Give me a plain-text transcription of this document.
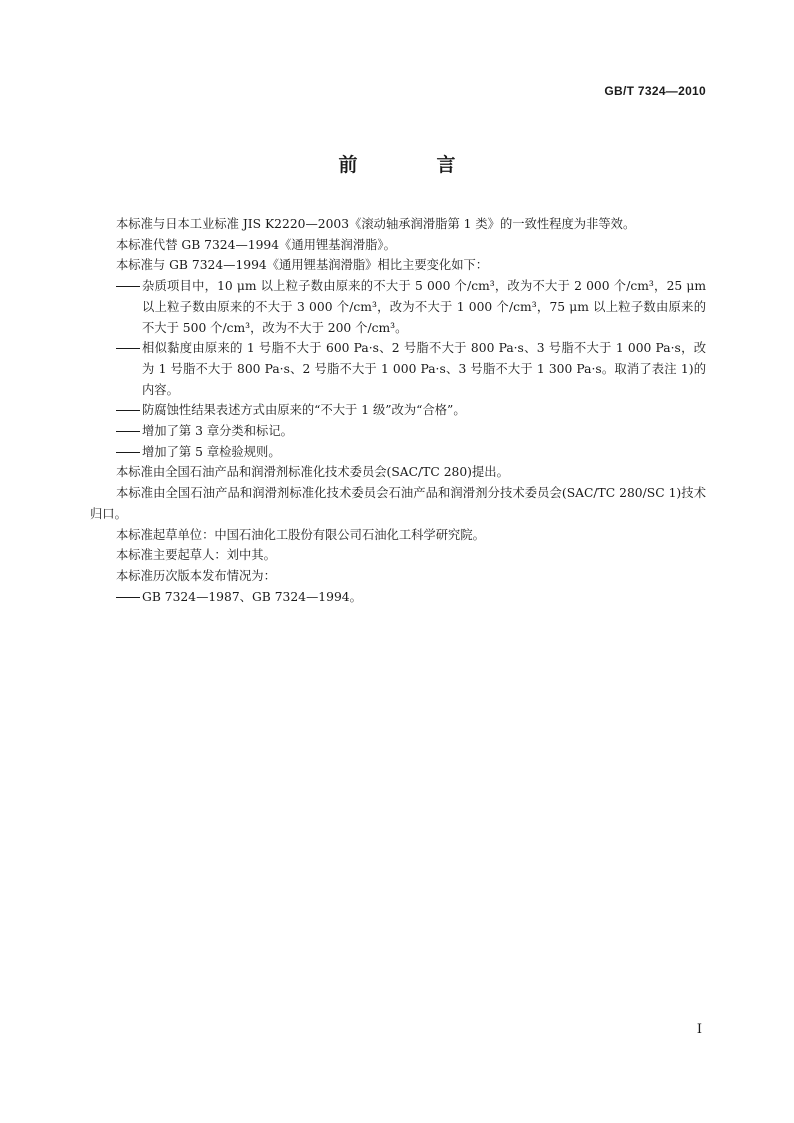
GB/T 7324—2010
前　言

本标准与日本工业标准 JIS K2220—2003《滚动轴承润滑脂第 1 类》的一致性程度为非等效。

本标准代替 GB 7324—1994《通用锂基润滑脂》。

本标准与 GB 7324—1994《通用锂基润滑脂》相比主要变化如下：

杂质项目中，10 μm 以上粒子数由原来的不大于 5 000 个/cm³，改为不大于 2 000 个/cm³，25 μm以上粒子数由原来的不大于 3 000 个/cm³，改为不大于 1 000 个/cm³，75 μm 以上粒子数由原来的不大于 500 个/cm³，改为不大于 200 个/cm³。
相似黏度由原来的 1 号脂不大于 600 Pa·s、2 号脂不大于 800 Pa·s、3 号脂不大于 1 000 Pa·s，改为 1 号脂不大于 800 Pa·s、2 号脂不大于 1 000 Pa·s、3 号脂不大于 1 300 Pa·s。取消了表注 1)的内容。
防腐蚀性结果表述方式由原来的“不大于 1 级”改为“合格”。
增加了第 3 章分类和标记。
增加了第 5 章检验规则。

本标准由全国石油产品和润滑剂标准化技术委员会(SAC/TC 280)提出。

本标准由全国石油产品和润滑剂标准化技术委员会石油产品和润滑剂分技术委员会(SAC/TC 280/SC 1)技术归口。

本标准起草单位：中国石油化工股份有限公司石油化工科学研究院。

本标准主要起草人：刘中其。

本标准历次版本发布情况为：

GB 7324—1987、GB 7324—1994。
I
